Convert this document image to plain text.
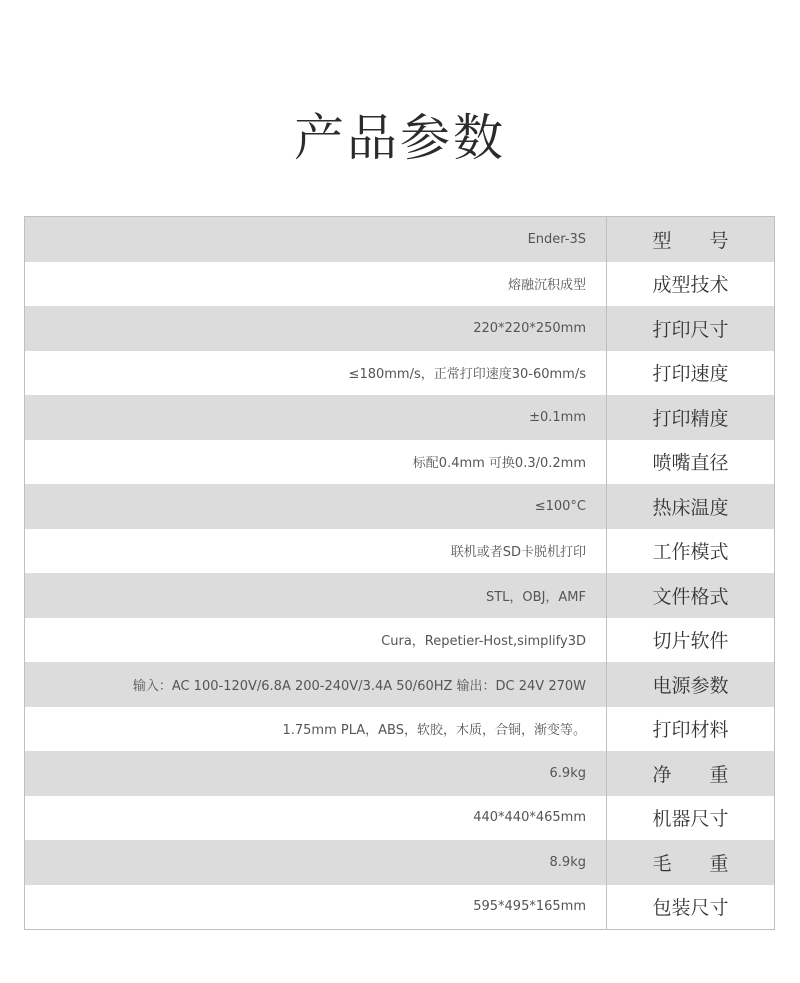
产品参数
Ender-3S	型　　号
熔融沉积成型	成型技术
220*220*250mm	打印尺寸
≤180mm/s，正常打印速度30-60mm/s	打印速度
±0.1mm	打印精度
标配0.4mm 可换0.3/0.2mm	喷嘴直径
≤100°C	热床温度
联机或者SD卡脱机打印	工作模式
STL，OBJ，AMF	文件格式
Cura，Repetier-Host,simplify3D	切片软件
输入：AC 100-120V/6.8A 200-240V/3.4A 50/60HZ 输出：DC 24V 270W	电源参数
1.75mm PLA，ABS，软胶，木质，合铜，渐变等。	打印材料
6.9kg	净　　重
440*440*465mm	机器尺寸
8.9kg	毛　　重
595*495*165mm	包装尺寸
